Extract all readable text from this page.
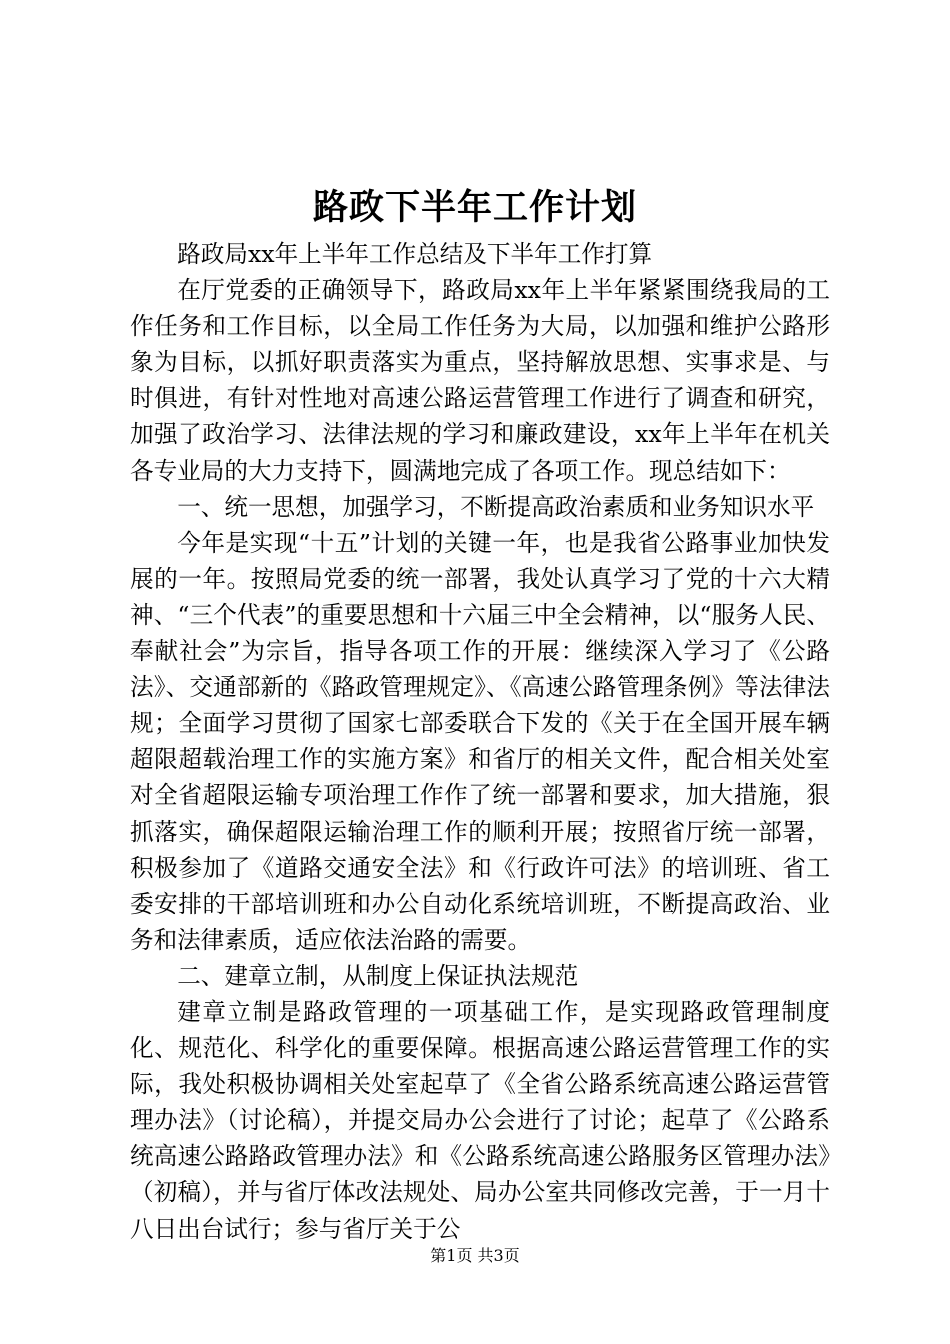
路政下半年工作计划

路政局xx年上半年工作总结及下半年工作打算

在厅党委的正确领导下，路政局xx年上半年紧紧围绕我局的工作任务和工作目标，以全局工作任务为大局，以加强和维护公路形象为目标，以抓好职责落实为重点，坚持解放思想、实事求是、与时俱进，有针对性地对高速公路运营管理工作进行了调查和研究，加强了政治学习、法律法规的学习和廉政建设，xx年上半年在机关各专业局的大力支持下，圆满地完成了各项工作。现总结如下：

一、统一思想，加强学习，不断提高政治素质和业务知识水平

今年是实现“十五”计划的关键一年，也是我省公路事业加快发展的一年。按照局党委的统一部署，我处认真学习了党的十六大精神、“三个代表”的重要思想和十六届三中全会精神，以“服务人民、奉献社会”为宗旨，指导各项工作的开展：继续深入学习了《公路法》、交通部新的《路政管理规定》、《高速公路管理条例》等法律法规；全面学习贯彻了国家七部委联合下发的《关于在全国开展车辆超限超载治理工作的实施方案》和省厅的相关文件，配合相关处室对全省超限运输专项治理工作作了统一部署和要求，加大措施，狠抓落实，确保超限运输治理工作的顺利开展；按照省厅统一部署，积极参加了《道路交通安全法》和《行政许可法》的培训班、省工委安排的干部培训班和办公自动化系统培训班，不断提高政治、业务和法律素质，适应依法治路的需要。

二、建章立制，从制度上保证执法规范

建章立制是路政管理的一项基础工作，是实现路政管理制度化、规范化、科学化的重要保障。根据高速公路运营管理工作的实际，我处积极协调相关处室起草了《全省公路系统高速公路运营管理办法》（讨论稿），并提交局办公会进行了讨论；起草了《公路系统高速公路路政管理办法》和《公路系统高速公路服务区管理办法》（初稿），并与省厅体改法规处、局办公室共同修改完善，于一月十八日出台试行；参与省厅关于公

第1页 共3页
